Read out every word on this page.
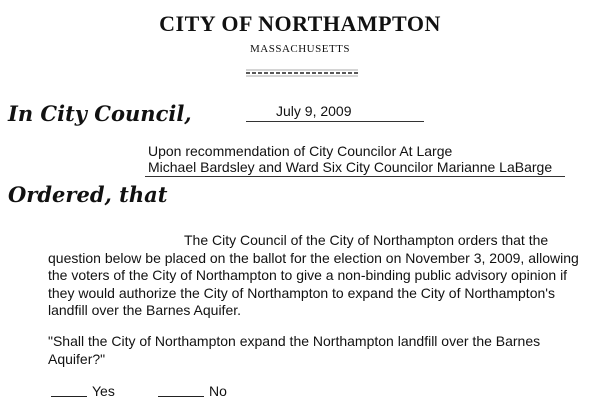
CITY OF NORTHAMPTON
MASSACHUSETTS
In City Council,	July 9, 2009
Upon recommendation of City Councilor At Large
Michael Bardsley and Ward Six City Councilor Marianne LaBarge
Ordered, that
The City Council of the City of Northampton orders that the question below be placed on the ballot for the election on November 3, 2009, allowing the voters of the City of Northampton to give a non-binding public advisory opinion if they would authorize the City of Northampton to expand the City of Northampton's landfill over the Barnes Aquifer.
"Shall the City of Northampton expand the Northampton landfill over the Barnes Aquifer?"
Yes	No
